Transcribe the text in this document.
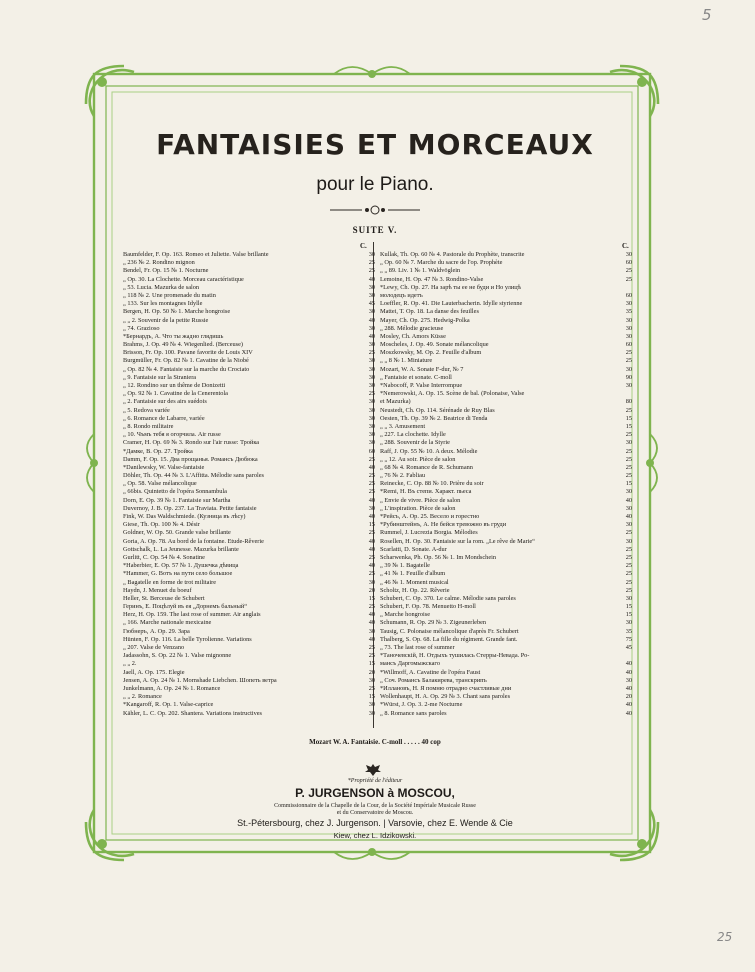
5
25
FANTAISIES ET MORCEAUX
pour le Piano.
SUITE V.
C.	C.
Baumfelder, F. Op. 163. Romeo et Juliette. Valse brillante	30
„ 236 № 2. Rondino mignon	25
Bendel, Fr. Op. 15 № 1. Nocturne	25
„ Op. 30. La Clochette. Morceau caractéristique	40
„ 53. Lucia. Mazurka de salon	30
„ 118 № 2. Une promenade du matin	30
„ 133. Sur les montagnes Idylle	45
Bergen, H. Op. 50 № 1. Marche hongroise	30
„ „ 2. Souvenir de la petite Russie	40
„ 74. Grazioso	30
*Бернардъ, А. Что ты жадно глядишь	40
Brahms, J. Op. 49 № 4. Wiegenlied. (Berceuse)	30
Brisson, Fr. Op. 100. Pavane favorite de Louis XIV	25
Burgmüller, Fr. Op. 82 № 1. Cavatine de la Niobé	30
„ Op. 82 № 4. Fantaisie sur la marche du Crociato	30
„ 9. Fantaisie sur la Straniera	30
„ 12. Rondino sur un thême de Donizetti	30
„ Op. 92 № 1. Cavatine de la Cenerentola	25
„ 2. Fantaisie sur des airs suédois	30
„ 5. Redova variée	30
„ 6. Romance de Labarre, variée	30
„ 8. Rondo militaire	30
„ 10. Чъмъ тебя я огорчила. Air russe	30
Cramer, H. Op. 69 № 3. Rondo sur l'air russe: Тройка	30
*Дамке, В. Op. 27. Тройка	60
Damm, F. Op. 15. Два прощанья. Романсъ Дюбюка	25
*Danilewsky, W. Valse-fantaisie	40
Döhler, Th. Op. 44 № 3. L'Affitta. Mélodie sans paroles	25
„ Op. 58. Valse mélancolique	25
„ 66bis. Quintetto de l'opéra Sonnambula	25
Dorn, E. Op. 39 № 1. Fantaisie sur Martha	40
Duvernoy, J. B. Op. 237. La Traviata. Petite fantaisie	30
Fink, W. Das Waldschmiede. (Кузница въ лѣсу)	40
Giese, Th. Op. 100 № 4. Désir	15
Goldner, W. Op. 50. Grande valse brillante	25
Goria, A. Op. 78. Au bord de la fontaine. Etude-Rêverie	40
Gottschalk, L. La Jeunesse. Mazurka brillante	40
Gurlitt, C. Op. 54 № 4. Sonatine	25
*Haberbier, E. Op. 57 № 1. Душечка дѣвица	40
*Hammer, G. Вотъ на пути село большое	25
„ Bagatelle en forme de trot militaire	30
Haydn, J. Menuet du boeuf	20
Heller, St. Berceuse de Schubert	15
Геринъ, Е. Поцѣлуй въ ея „Дорнемъ бальный“	25
Herz, H. Op. 159. The last rose of summer. Air anglais	40
„ 166. Marche nationale mexicaine	40
Гюбнеръ, А. Op. 29. Зара	30
Hünten, F. Op. 116. La belle Tyrolienne. Variations	40
„ 207. Valse de Venzano	25
Jadassohn, S. Op. 22 № 1. Valse mignonne	25
„ „ 2.	15
Jaell, A. Op. 175. Elegie	20
Jensen, A. Op. 24 № 1. Mornshade Liebchen. Шопеть ветра	30
Junkelmann, A. Op. 24 № 1. Romance	25
„ „ 2. Romance	15
*Kangaroff, R. Op. 1. Valse-caprice	30
Kähler, L. C. Op. 202. Shantera. Variations instructives	30
Kullak, Th. Op. 60 № 4. Pastorale du Prophète, transcrite	30
„ Op. 60 № 7. Marche du sacre de l'op. Prophète	60
„ „ 89. Liv. 1 № 1. Waldvöglein	25
Lemoine, H. Op. 47 № 3. Rondino-Valse	25
*Lewy, Ch. Op. 27. На зарѣ ты ее не буди и Но улицѣ
молодецъ идетъ	60
Loeffler, R. Op. 41. Die Lauterbacherin. Idylle styrienne	30
Mattei, T. Op. 18. La danse des feuilles	35
Mayer, Ch. Op. 275. Hedwig-Polka	30
„ 288. Mélodie gracieuse	30
Mosley, Ch. Amors Küsse	30
Moscheles, J. Op. 49. Sonate mélancolique	60
Moszkowsky, M. Op. 2. Feuille d'album	25
„ „ 8 № 1. Miniature	25
Mozart, W. A. Sonate F-dur, № 7	30
„ Fantaisie et sonate. C-moll	90
*Nabocoff, P. Valse Interrompue	30
*Nemerowski, A. Op. 15. Scène de bal. (Polonaise, Valse
et Mazurka)	80
Neustedt, Ch. Op. 114. Sérénade de Ruy Blas	25
Oesten, Th. Op. 39 № 2. Beatrice di Tenda	15
„ „ 3. Amusement	15
„ 227. La clochette. Idylle	25
„ 288. Souvenir de la Styrie	30
Raff, J. Op. 55 № 10. A deux. Mélodie	25
„ „ 12. Au soir. Pièce de salon	25
„ 68 № 4. Romance de R. Schumann	25
„ 76 № 2. Fabliau	25
Reinecke, C. Op. 88 № 10. Prière du soir	15
*Remi, H. Въ степи. Характ. пьеса	30
„ Envie de vivre. Pièce de salon	40
„ L'inspiration. Pièce de salon	30
*Рейсъ, А. Op. 25. Весело и горестно	40
*Рубинштейнъ, А. Не бейся тревожно въ груди	30
Rummel, J. Lucrezia Borgia. Mélodies	25
Rosellen, H. Op. 30. Fantaisie sur la rom. „Le rêve de Marie“	30
Scarlatti, D. Sonate. A-dur	25
Scharwenka, Ph. Op. 56 № 1. Im Mondschein	25
„ 39 № 1. Bagatelle	25
„ 41 № 1. Feuille d'album	25
„ 46 № 1. Moment musical	25
Scholtz, H. Op. 22. Rêverie	25
Schubert, C. Op. 370. Le calme. Mélodie sans paroles	30
Schubert, F. Op. 78. Menuetto H-moll	15
„ Marche hongroise	15
Schumann, R. Op. 29 № 3. Zigeunerleben	30
Tausig, C. Polonaise mélancolique d'après Fr. Schubert	35
Thalberg, S. Op. 68. La fille du régiment. Grande fant.	75
„ 73. The last rose of summer	45
*Таночевскій, Н. Отдыхъ тушилась Стерры-Невада. Ро-
мансъ Даргомыжскаго	40
*Willmoff, A. Cavatine de l'opéra Faust	40
„ Соч. Романсъ Балакирева, транскрипъ	30
*Иллановъ, Н. Я помню отрадно счастливые дни	40
Wollenhaupt, H. A. Op. 29 № 3. Chant sans paroles	20
*Würst, J. Op. 3. 2-me Nocturne	40
„ 8. Romance sans paroles	40
Mozart W. A. Fantaisie. C-moll . . . . . 40 cop
*Propriété de l'éditeur
P. JURGENSON à MOSCOU,
Commissionnaire de la Chapelle de la Cour, de la Société Impériale Musicale Russe
et du Conservatoire de Moscou.
St.-Pétersbourg, chez J. Jurgenson. | Varsovie, chez E. Wende & Cie
Kiew, chez L. Idzikowski.
